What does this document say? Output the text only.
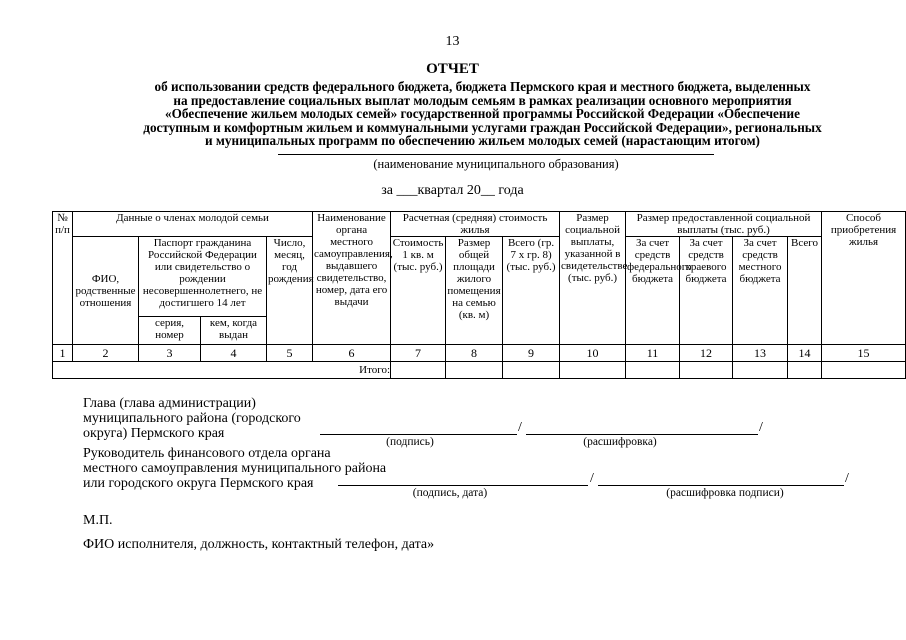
13
ОТЧЕТ
об использовании средств федерального бюджета, бюджета Пермского края и местного бюджета, выделенных
на предоставление социальных выплат молодым семьям в рамках реализации основного мероприятия
«Обеспечение жильем молодых семей» государственной программы Российской Федерации «Обеспечение
доступным и комфортным жильем и коммунальными услугами граждан Российской Федерации», региональных
и муниципальных программ по обеспечению жильем молодых семей (нарастающим итогом)
(наименование муниципального образования)
за ___квартал 20__ года
№ п/п	Данные о членах молодой семьи				Наименование органа местного самоуправления, выдавшего свидетельство, номер, дата его выдачи	Расчетная (средняя) стоимость жилья			Размер социальной выплаты, указанной в свидетельстве (тыс. руб.)	Размер предоставленной социальной выплаты (тыс. руб.)				Способ приобретения жилья
	ФИО, родственные отношения	Паспорт гражданина Российской Федерации или свидетельство о рождении несовершеннолетнего, не достигшего 14 лет		Число, месяц, год рождения		Стоимость 1 кв. м (тыс. руб.)	Размер общей площади жилого помещения на семью (кв. м)	Всего (гр. 7 х гр. 8) (тыс. руб.)		За счет средств федерального бюджета	За счет средств краевого бюджета	За счет средств местного бюджета	Всего	
		серия, номер	кем, когда выдан											
1	2	3	4	5	6	7	8	9	10	11	12	13	14	15
Итого:														
Глава (глава администрации)
муниципального района (городского
округа) Пермского края	/	/
(подпись)	(расшифровка)
Руководитель финансового отдела органа
местного самоуправления муниципального района
или городского округа Пермского края	/	/
(подпись, дата)	(расшифровка подписи)
М.П.
ФИО исполнителя, должность, контактный телефон, дата»
